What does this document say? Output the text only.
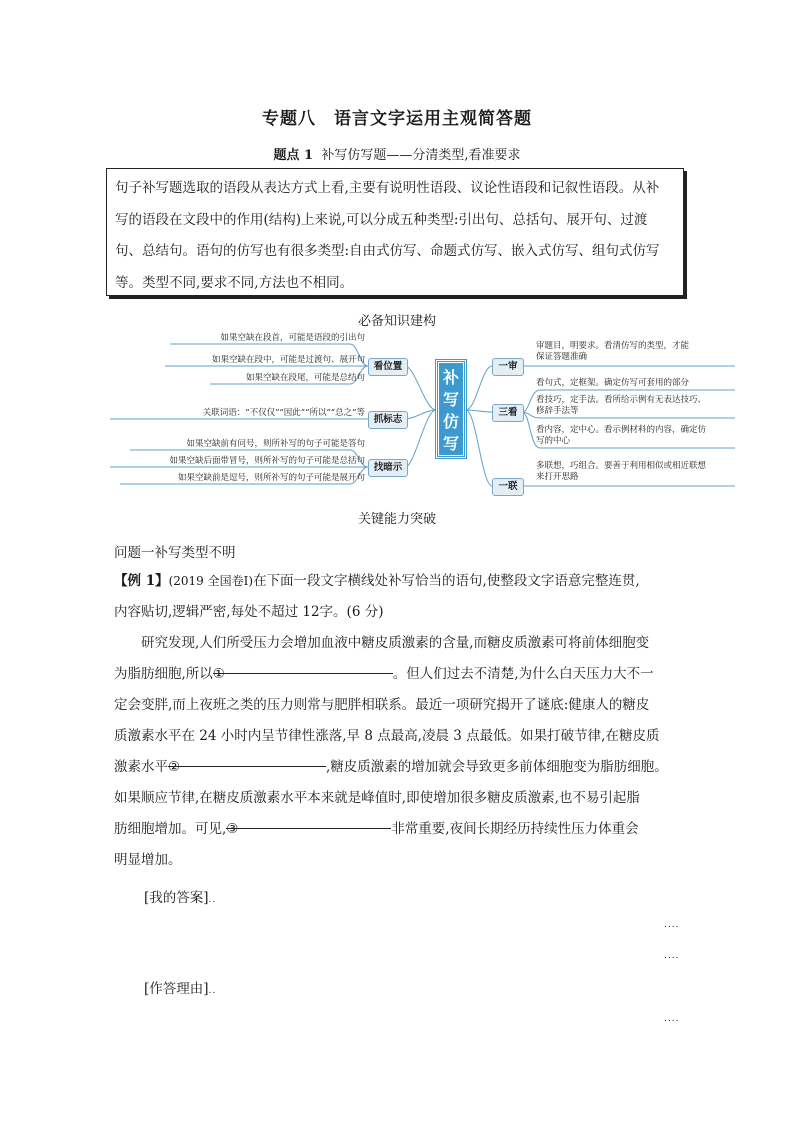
专题八　语言文字运用主观简答题
题点 1 补写仿写题——分清类型,看准要求
句子补写题选取的语段从表达方式上看,主要有说明性语段、议论性语段和记叙性语段。从补
写的语段在文段中的作用(结构)上来说,可以分成五种类型:引出句、总括句、展开句、过渡
句、总结句。语句的仿写也有很多类型:自由式仿写、命题式仿写、嵌入式仿写、组句式仿写
等。类型不同,要求不同,方法也不相同。
必备知识建构
补
写
仿
写
看位置
抓标志
找暗示
如果空缺在段首，可能是语段的引出句
如果空缺在段中，可能是过渡句、展开句
如果空缺在段尾，可能是总结句
关联词语：“不仅仅”“因此”“所以”“总之”等
如果空缺前有问号，则所补写的句子可能是答句
如果空缺后面带冒号，则所补写的句子可能是总括句
如果空缺前是逗号，则所补写的句子可能是展开句
一审
三看
一联
审题目，明要求。看清仿写的类型，才能
保证答题准确
看句式，定框架。确定仿写可套用的部分
看技巧，定手法。看所给示例有无表达技巧、
修辞手法等
看内容，定中心。看示例材料的内容，确定仿
写的中心
多联想，巧组合。要善于利用相似或相近联想
来打开思路
关键能力突破
问题一补写类型不明
【例 1】(2019 全国卷Ⅰ)在下面一段文字横线处补写恰当的语句,使整段文字语意完整连贯,
内容贴切,逻辑严密,每处不超过 12字。(6 分)
研究发现,人们所受压力会增加血液中糖皮质激素的含量,而糖皮质激素可将前体细胞变
为脂肪细胞,所以①	。但人们过去不清楚,为什么白天压力大不一
定会变胖,而上夜班之类的压力则常与肥胖相联系。最近一项研究揭开了谜底:健康人的糖皮
质激素水平在 24 小时内呈节律性涨落,早 8 点最高,凌晨 3 点最低。如果打破节律,在糖皮质
激素水平②	,糖皮质激素的增加就会导致更多前体细胞变为脂肪细胞。
如果顺应节律,在糖皮质激素水平本来就是峰值时,即使增加很多糖皮质激素,也不易引起脂
肪细胞增加。可见,③	非常重要,夜间长期经历持续性压力体重会
明显增加。
[我的答案]..
....
....
[作答理由]..
....
